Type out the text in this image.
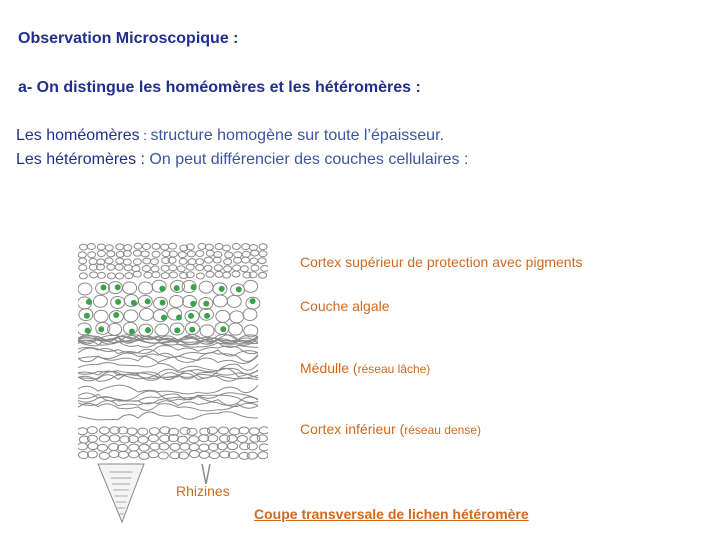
Observation Microscopique :
a- On distingue les homéomères et les hétéromères :
Les homéomères : structure homogène sur toute l’épaisseur.
Les hétéromères : On peut différencier des couches cellulaires :
Cortex supérieur de protection avec pigments
Couche algale
Médulle (réseau lâche)
Cortex inférieur (réseau dense)
Rhizines
Coupe transversale de lichen hétéromère
